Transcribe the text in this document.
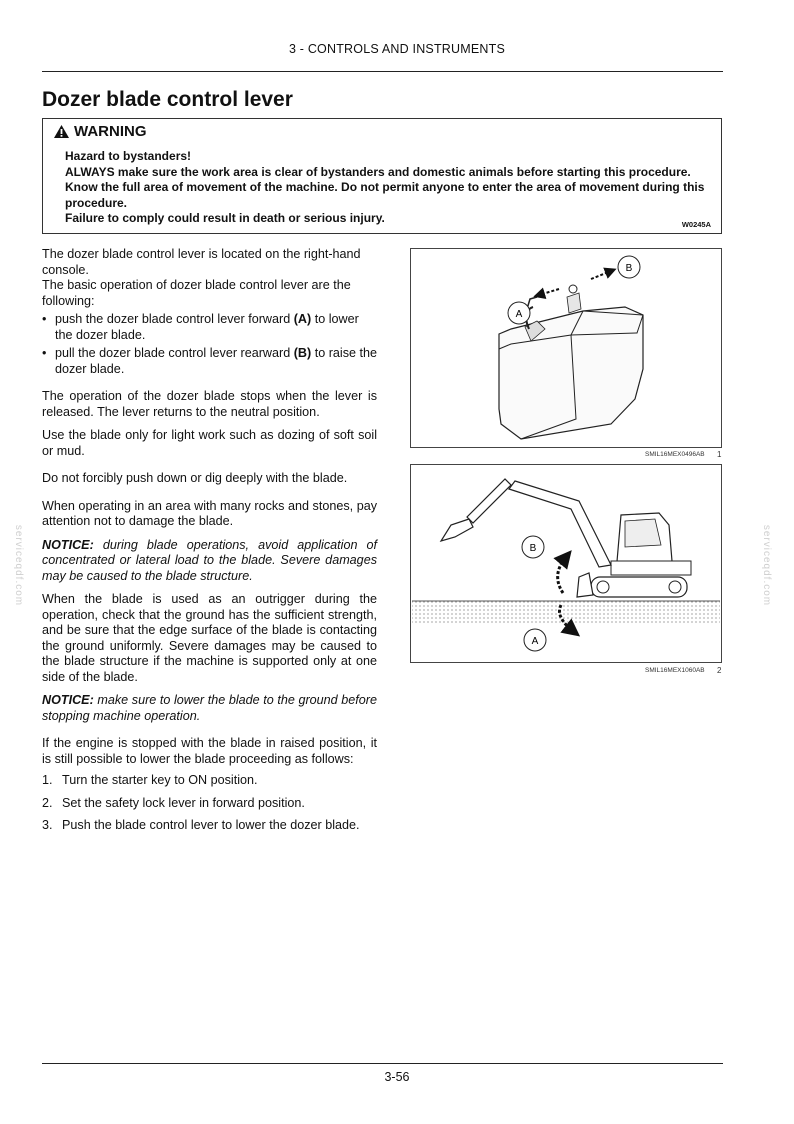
3 - CONTROLS AND INSTRUMENTS
Dozer blade control lever
WARNING

Hazard to bystanders!

ALWAYS make sure the work area is clear of bystanders and domestic animals before starting this procedure. Know the full area of movement of the machine. Do not permit anyone to enter the area of movement during this procedure.

Failure to comply could result in death or serious injury.	W0245A

The dozer blade control lever is located on the right-hand console.

The basic operation of dozer blade control lever are the following:

• push the dozer blade control lever forward (A) to lower the dozer blade.
• pull the dozer blade control lever rearward (B) to raise the dozer blade.

The operation of the dozer blade stops when the lever is released. The lever returns to the neutral position.

Use the blade only for light work such as dozing of soft soil or mud.

Do not forcibly push down or dig deeply with the blade.

When operating in an area with many rocks and stones, pay attention not to damage the blade.

NOTICE: during blade operations, avoid application of concentrated or lateral load to the blade. Severe damages may be caused to the blade structure.

When the blade is used as an outrigger during the operation, check that the ground has the sufficient strength, and be sure that the edge surface of the blade is contacting the ground uniformly. Severe damages may be caused to the blade structure if the machine is supported only at one side of the blade.

NOTICE: make sure to lower the blade to the ground before stopping machine operation.

If the engine is stopped with the blade in raised position, it is still possible to lower the blade proceeding as follows:

1. Turn the starter key to ON position.
2. Set the safety lock lever in forward position.
3. Push the blade control lever to lower the dozer blade.
A
B
SMIL16MEX0496AB 1
B
A
SMIL16MEX1060AB 2
serviceqdf.com	serviceqdf.com
3-56
